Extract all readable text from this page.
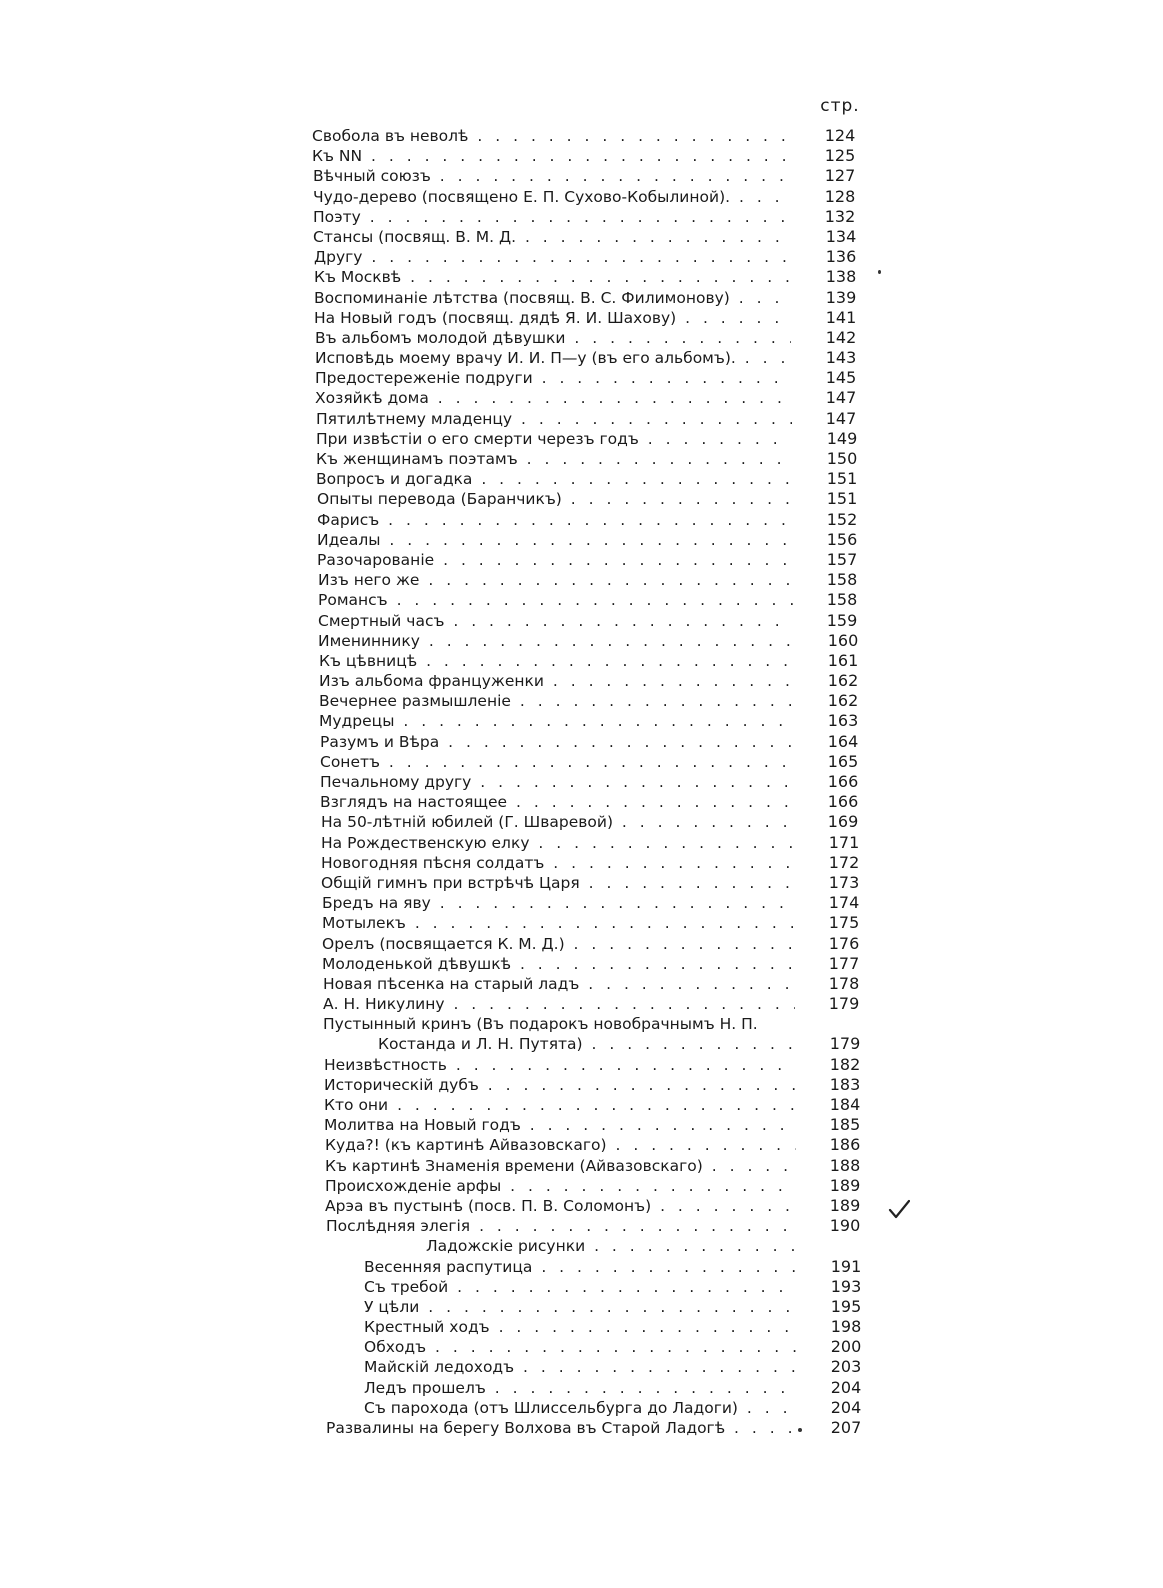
стр.
Свобола въ неволѣ . . .	124
Къ NN . . .	125
Вѣчный союзъ . . .	127
Чудо-дерево (посвящено Е. П. Сухово-Кобылиной). . . .	128
Поэту . . .	132
Стансы (посвящ. В. М. Д. . . .	134
Другу . . .	136
Къ Москвѣ . . .	138
Воспоминаніе лѣтства (посвящ. В. С. Филимонову) . . .	139
На Новый годъ (посвящ. дядѣ Я. И. Шахову) . . .	141
Въ альбомъ молодой дѣвушки . . .	142
Исповѣдь моему врачу И. И. П—у (въ его альбомъ). . . .	143
Предостереженіе подруги . . .	145
Хозяйкѣ дома . . .	147
Пятилѣтнему младенцу . . .	147
При извѣстіи о его смерти черезъ годъ . . .	149
Къ женщинамъ поэтамъ . . .	150
Вопросъ и догадка . . .	151
Опыты перевода (Баранчикъ) . . .	151
Фарисъ . . .	152
Идеалы . . .	156
Разочарованіе . . .	157
Изъ него же . . .	158
Романсъ . . .	158
Смертный часъ . . .	159
Имениннику . . .	160
Къ цѣвницѣ . . .	161
Изъ альбома француженки . . .	162
Вечернее размышленіе . . .	162
Мудрецы . . .	163
Разумъ и Вѣра . . .	164
Сонетъ . . .	165
Печальному другу . . .	166
Взглядъ на настоящее . . .	166
На 50-лѣтній юбилей (Г. Шваревой) . . .	169
На Рождественскую елку . . .	171
Новогодняя пѣсня солдатъ . . .	172
Общій гимнъ при встрѣчѣ Царя . . .	173
Бредъ на яву . . .	174
Мотылекъ . . .	175
Орелъ (посвящается К. М. Д.) . . .	176
Молоденькой дѣвушкѣ . . .	177
Новая пѣсенка на старый ладъ . . .	178
А. Н. Никулину . . .	179
Пустынный кринъ (Въ подарокъ новобрачнымъ Н. П.
Костанда и Л. Н. Путята) . . .	179
Неизвѣстность . . .	182
Историческій дубъ . . .	183
Кто они . . .	184
Молитва на Новый годъ . . .	185
Куда?! (къ картинѣ Айвазовскаго) . . .	186
Къ картинѣ Знаменія времени (Айвазовскаго) . . .	188
Происхожденіе арфы . . .	189
Арэа въ пустынѣ (посв. П. В. Соломонъ) . . .	189
Послѣдняя элегія . . .	190
Ладожскіе рисунки . . .
Весенняя распутица . . .	191
Съ требой . . .	193
У цѣли . . .	195
Крестный ходъ . . .	198
Обходъ . . .	200
Майскій ледоходъ . . .	203
Ледъ прошелъ . . .	204
Съ парохода (отъ Шлиссельбурга до Ладоги) . . .	204
Развалины на берегу Волхова въ Старой Ладогѣ . . .	207
